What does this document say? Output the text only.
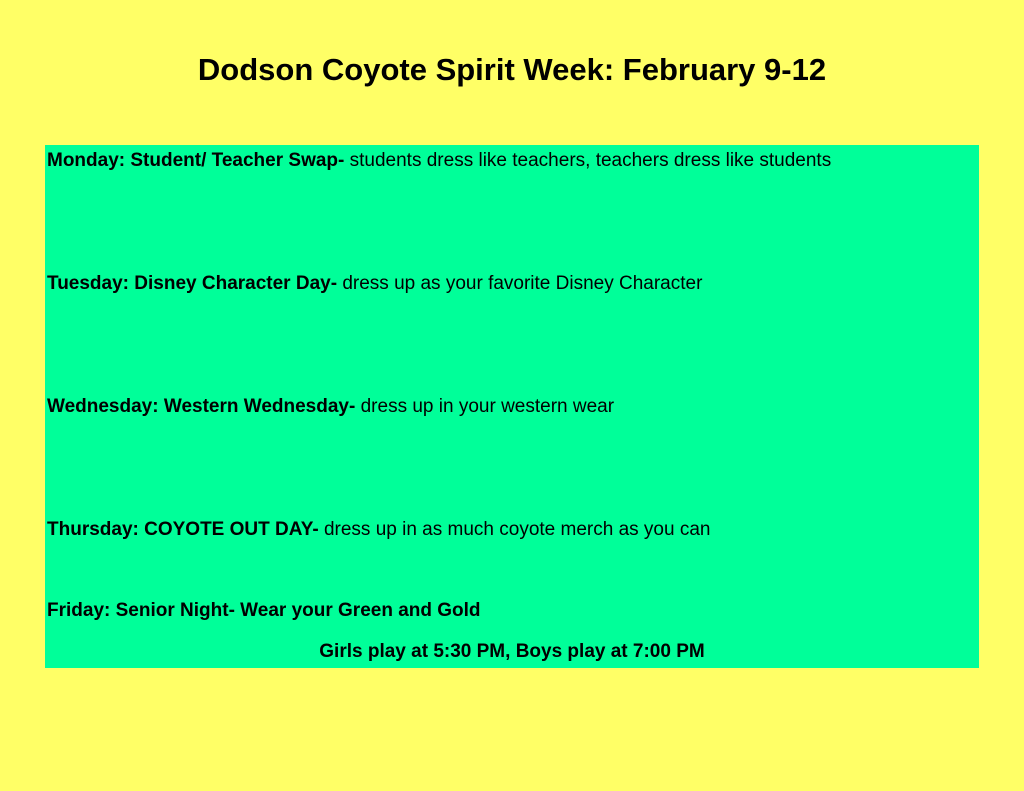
Dodson Coyote Spirit Week: February 9-12
Monday: Student/ Teacher Swap- students dress like teachers, teachers dress like students
Tuesday: Disney Character Day- dress up as your favorite Disney Character
Wednesday: Western Wednesday- dress up in your western wear
Thursday: COYOTE OUT DAY- dress up in as much coyote merch as you can
Friday: Senior Night- Wear your Green and Gold
Girls play at 5:30 PM, Boys play at 7:00 PM
